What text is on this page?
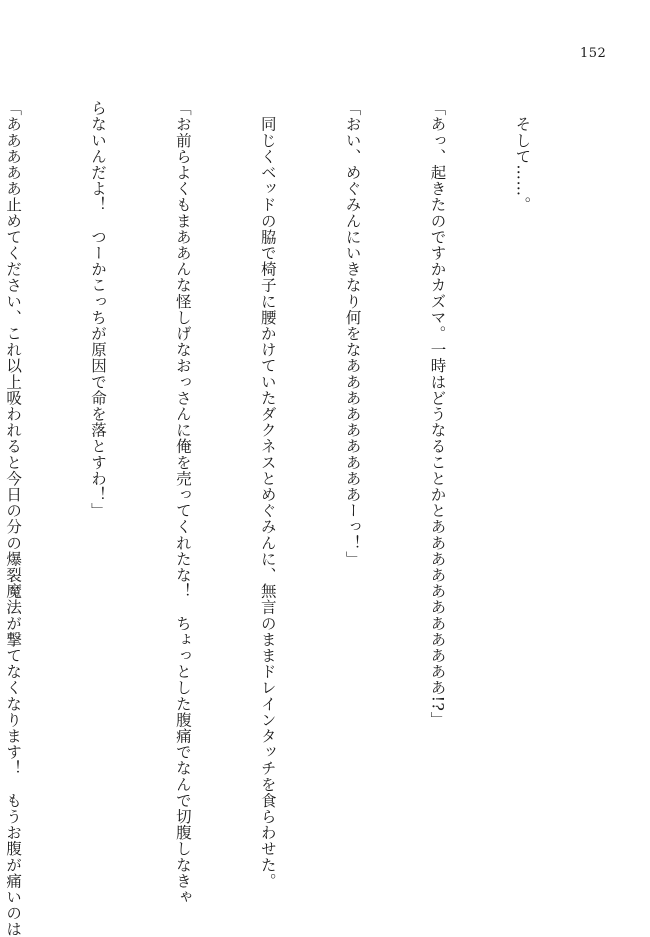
152

　そして……。

「あっ、起きたのですかカズマ。一時はどうなることかとあああああああああああ!?」

「おい、めぐみんにいきなり何をなあああああああああーっ！」

　同じくベッドの脇で椅子に腰かけていたダクネスとめぐみんに、無言のままドレインタッチを食らわせた。

「お前らよくもまああんな怪しげなおっさんに俺を売ってくれたな！　ちょっとした腹痛でなんで切腹しなきゃ

らないんだよ！　つーかこっちが原因で命を落とすわ！」

「あああああ止めてください、これ以上吸われると今日の分の爆裂魔法が撃てなくなります！　もうお腹が痛いのは
